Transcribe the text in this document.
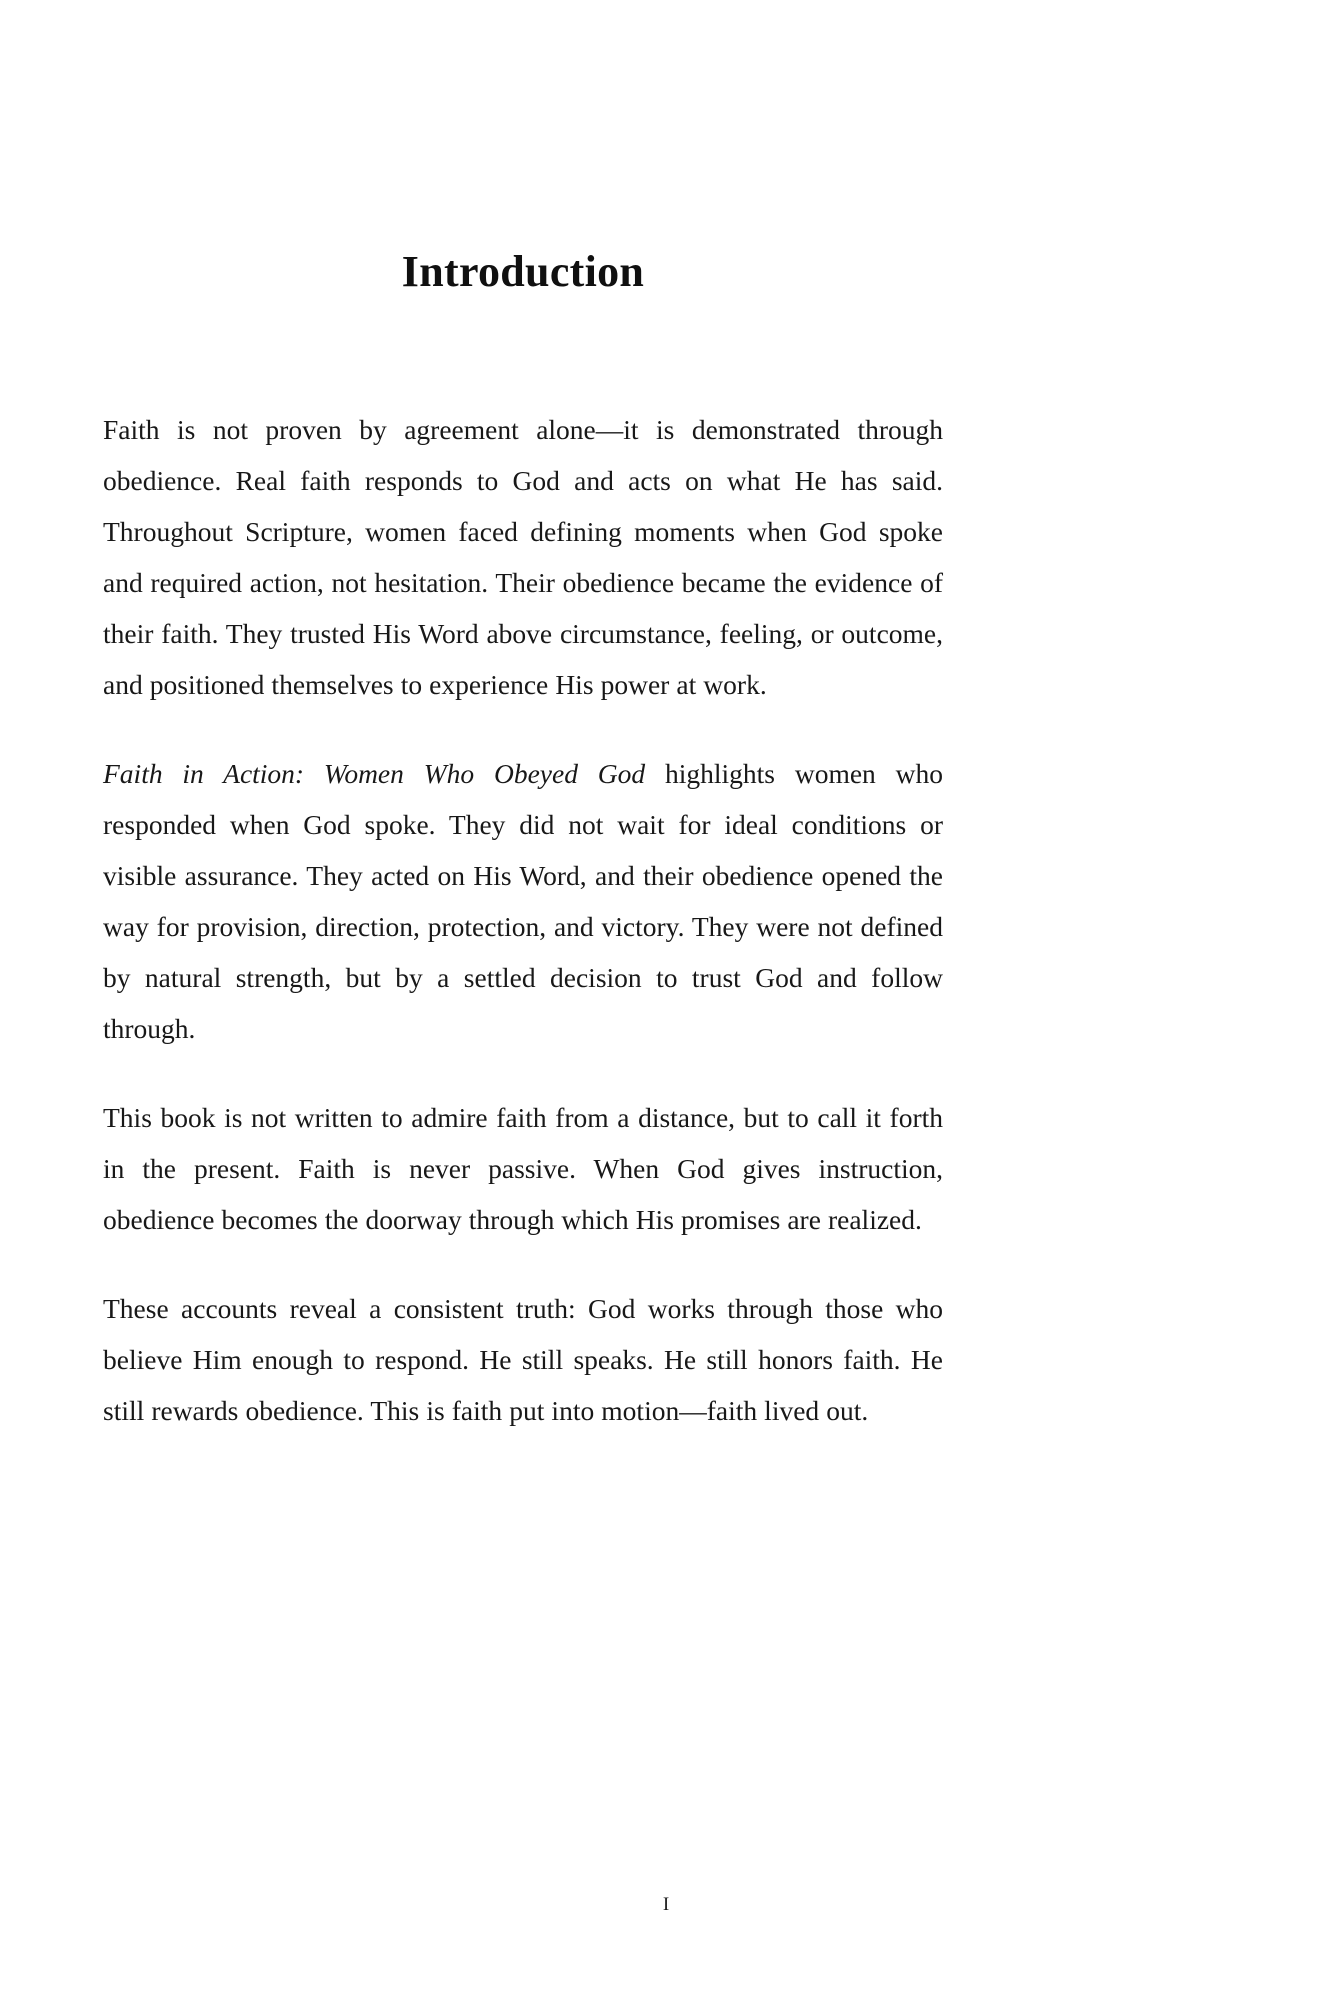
Introduction

Faith is not proven by agreement alone—it is demonstrated through obedience. Real faith responds to God and acts on what He has said. Throughout Scripture, women faced defining moments when God spoke and required action, not hesitation. Their obedience became the evidence of their faith. They trusted His Word above circumstance, feeling, or outcome, and positioned themselves to experience His power at work.

Faith in Action: Women Who Obeyed God highlights women who responded when God spoke. They did not wait for ideal conditions or visible assurance. They acted on His Word, and their obedience opened the way for provision, direction, protection, and victory. They were not defined by natural strength, but by a settled decision to trust God and follow through.

This book is not written to admire faith from a distance, but to call it forth in the present. Faith is never passive. When God gives instruction, obedience becomes the doorway through which His promises are realized.

These accounts reveal a consistent truth: God works through those who believe Him enough to respond. He still speaks. He still honors faith. He still rewards obedience. This is faith put into motion—faith lived out.

I
